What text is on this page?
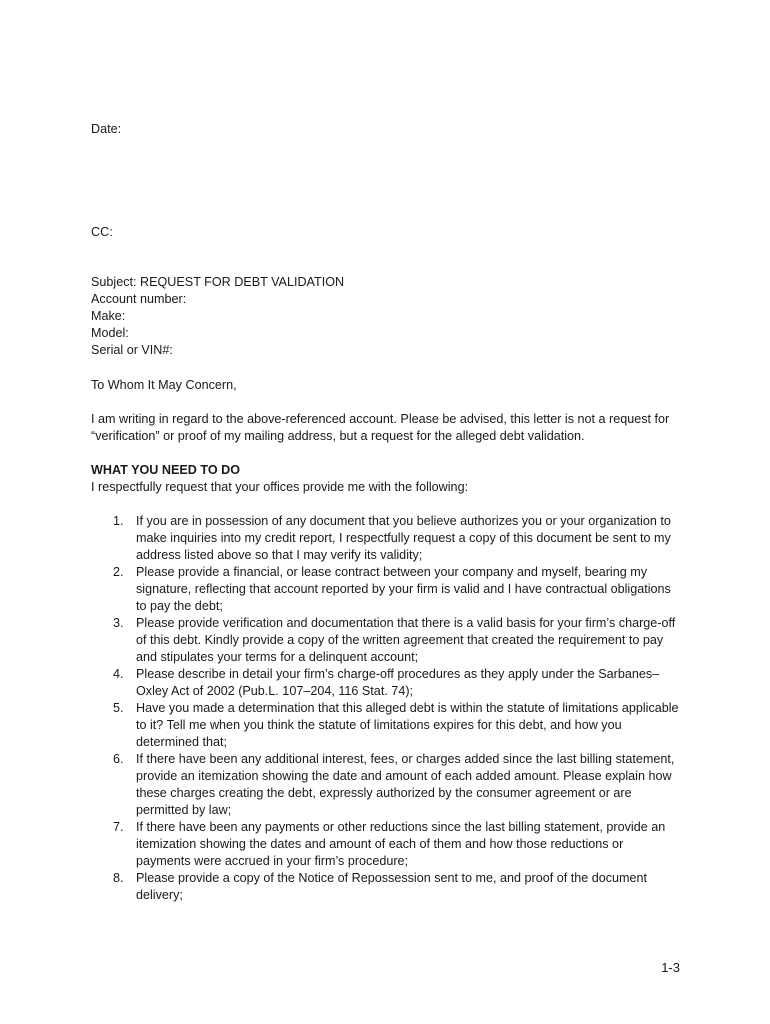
Date:
CC:
Subject: REQUEST FOR DEBT VALIDATION
Account number:
Make:
Model:
Serial or VIN#:
To Whom It May Concern,
I am writing in regard to the above-referenced account. Please be advised, this letter is not a request for
“verification” or proof of my mailing address, but a request for the alleged debt validation.
WHAT YOU NEED TO DO
I respectfully request that your offices provide me with the following:
1. If you are in possession of any document that you believe authorizes you or your organization to
make inquiries into my credit report, I respectfully request a copy of this document be sent to my
address listed above so that I may verify its validity;
2. Please provide a financial, or lease contract between your company and myself, bearing my
signature, reflecting that account reported by your firm is valid and I have contractual obligations
to pay the debt;
3. Please provide verification and documentation that there is a valid basis for your firm’s charge-off
of this debt. Kindly provide a copy of the written agreement that created the requirement to pay
and stipulates your terms for a delinquent account;
4. Please describe in detail your firm’s charge-off procedures as they apply under the Sarbanes–
Oxley Act of 2002 (Pub.L. 107–204, 116 Stat. 74);
5. Have you made a determination that this alleged debt is within the statute of limitations applicable
to it? Tell me when you think the statute of limitations expires for this debt, and how you
determined that;
6. If there have been any additional interest, fees, or charges added since the last billing statement,
provide an itemization showing the date and amount of each added amount. Please explain how
these charges creating the debt, expressly authorized by the consumer agreement or are
permitted by law;
7. If there have been any payments or other reductions since the last billing statement, provide an
itemization showing the dates and amount of each of them and how those reductions or
payments were accrued in your firm’s procedure;
8. Please provide a copy of the Notice of Repossession sent to me, and proof of the document
delivery;
1-3
